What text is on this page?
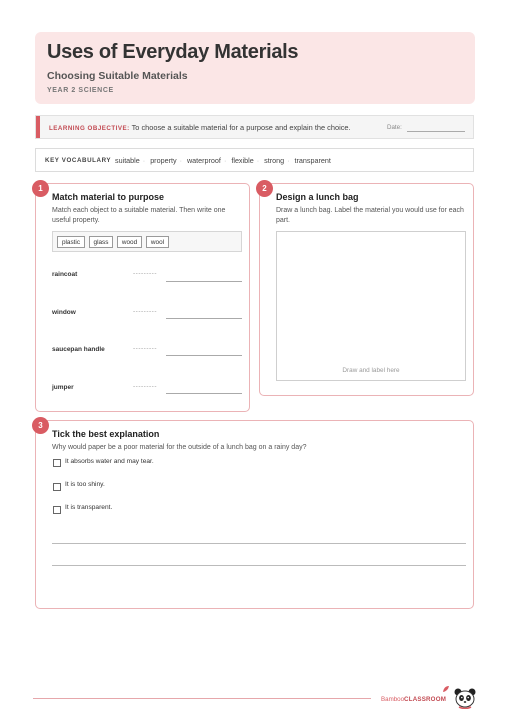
Uses of Everyday Materials
Choosing Suitable Materials
YEAR 2 SCIENCE
LEARNING OBJECTIVE: To choose a suitable material for a purpose and explain the choice.	Date:
KEY VOCABULARY suitable · property · waterproof · flexible · strong · transparent
1
Match material to purpose
Match each object to a suitable material. Then write one useful property.
plastic	glass	wood	wool
raincoat	---------
window	---------
saucepan handle	---------
jumper	---------
2
Design a lunch bag
Draw a lunch bag. Label the material you would use for each part.
Draw and label here
3
Tick the best explanation
Why would paper be a poor material for the outside of a lunch bag on a rainy day?
It absorbs water and may tear.
It is too shiny.
It is transparent.
BambooCLASSROOM
